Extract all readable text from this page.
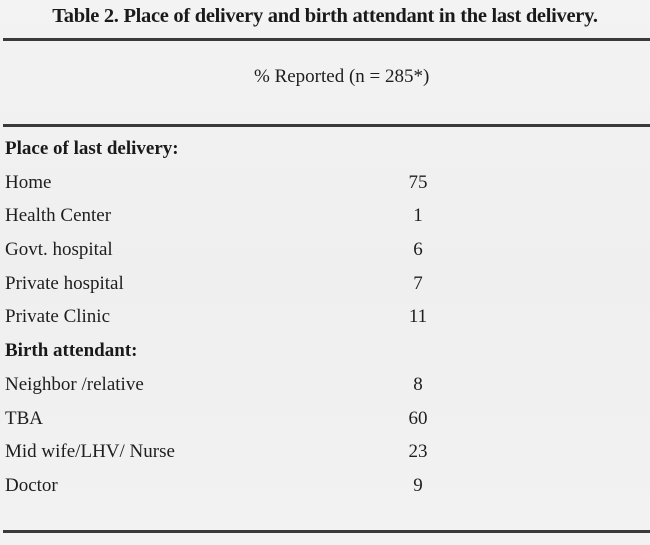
Table 2. Place of delivery and birth attendant in the last delivery.
% Reported (n = 285*)
Place of last delivery:
Home	75
Health Center	1
Govt. hospital	6
Private hospital	7
Private Clinic	11
Birth attendant:
Neighbor /relative	8
TBA	60
Mid wife/LHV/ Nurse	23
Doctor	9
